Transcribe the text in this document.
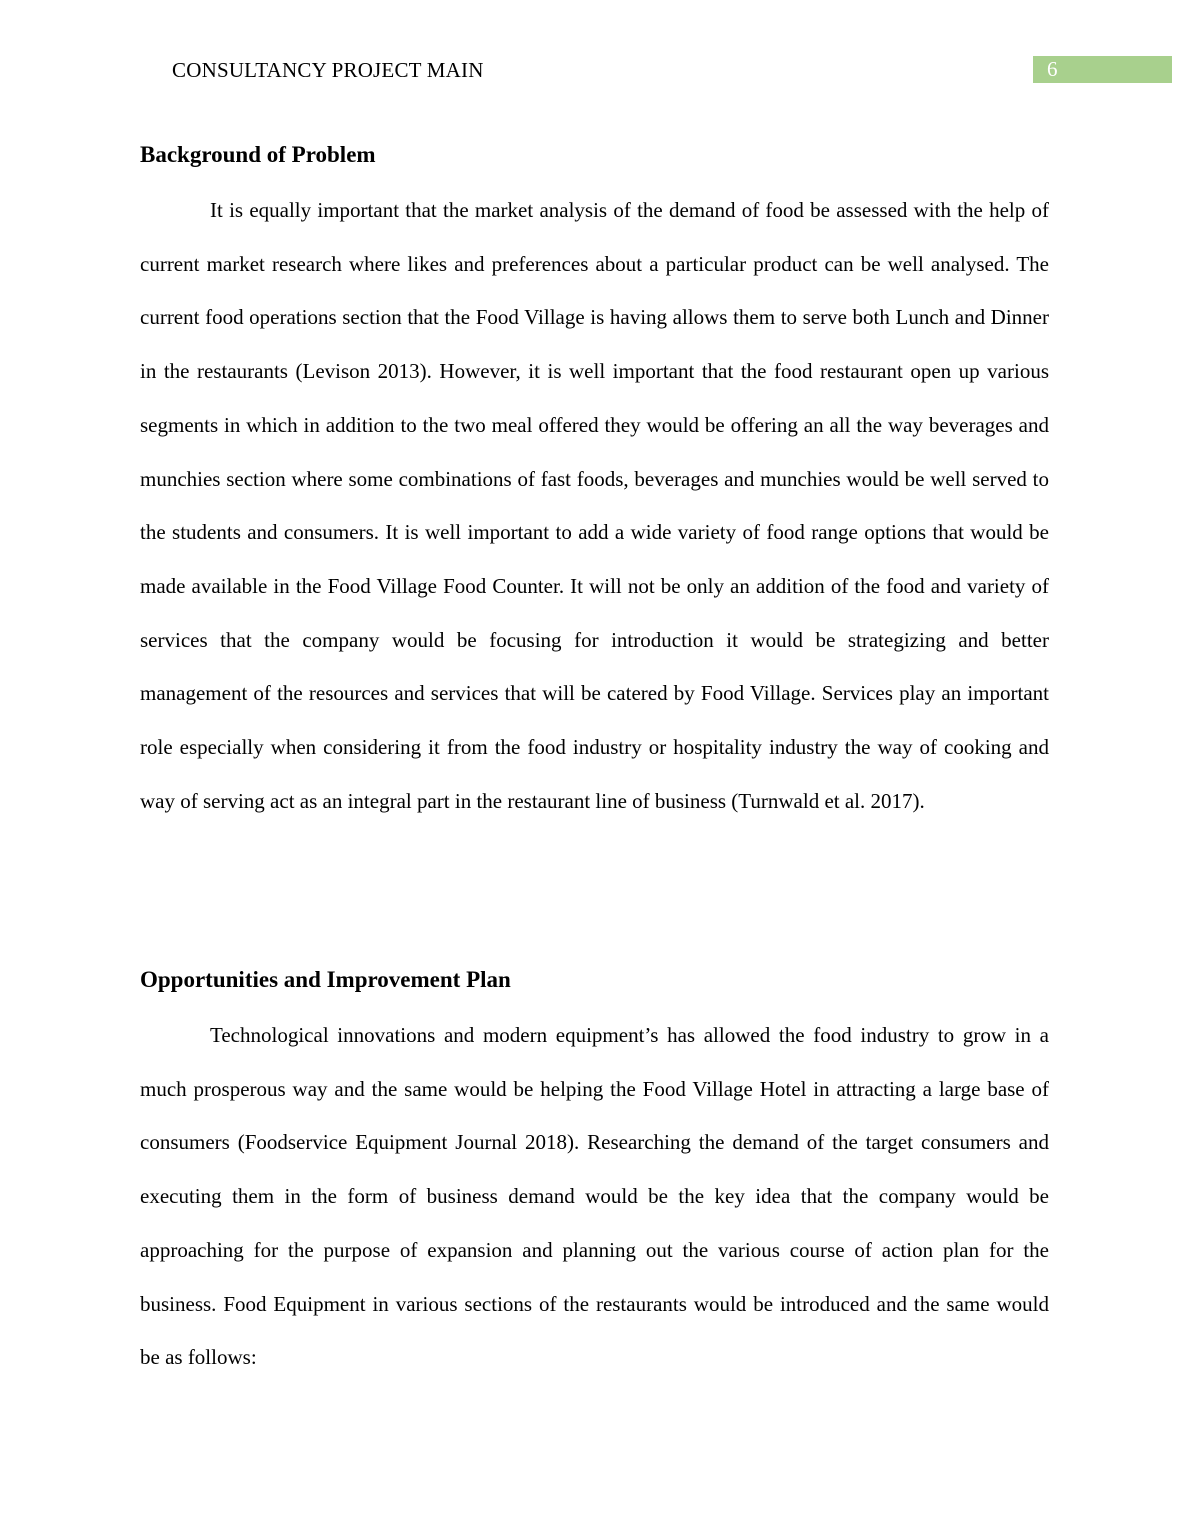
CONSULTANCY PROJECT MAIN	6
Background of Problem

It is equally important that the market analysis of the demand of food be assessed with the help of current market research where likes and preferences about a particular product can be well analysed. The current food operations section that the Food Village is having allows them to serve both Lunch and Dinner in the restaurants (Levison 2013). However, it is well important that the food restaurant open up various segments in which in addition to the two meal offered they would be offering an all the way beverages and munchies section where some combinations of fast foods, beverages and munchies would be well served to the students and consumers. It is well important to add a wide variety of food range options that would be made available in the Food Village Food Counter. It will not be only an addition of the food and variety of services that the company would be focusing for introduction it would be strategizing and better management of the resources and services that will be catered by Food Village. Services play an important role especially when considering it from the food industry or hospitality industry the way of cooking and way of serving act as an integral part in the restaurant line of business (Turnwald et al. 2017).

Opportunities and Improvement Plan

Technological innovations and modern equipment’s has allowed the food industry to grow in a much prosperous way and the same would be helping the Food Village Hotel in attracting a large base of consumers (Foodservice Equipment Journal 2018). Researching the demand of the target consumers and executing them in the form of business demand would be the key idea that the company would be approaching for the purpose of expansion and planning out the various course of action plan for the business. Food Equipment in various sections of the restaurants would be introduced and the same would be as follows:
